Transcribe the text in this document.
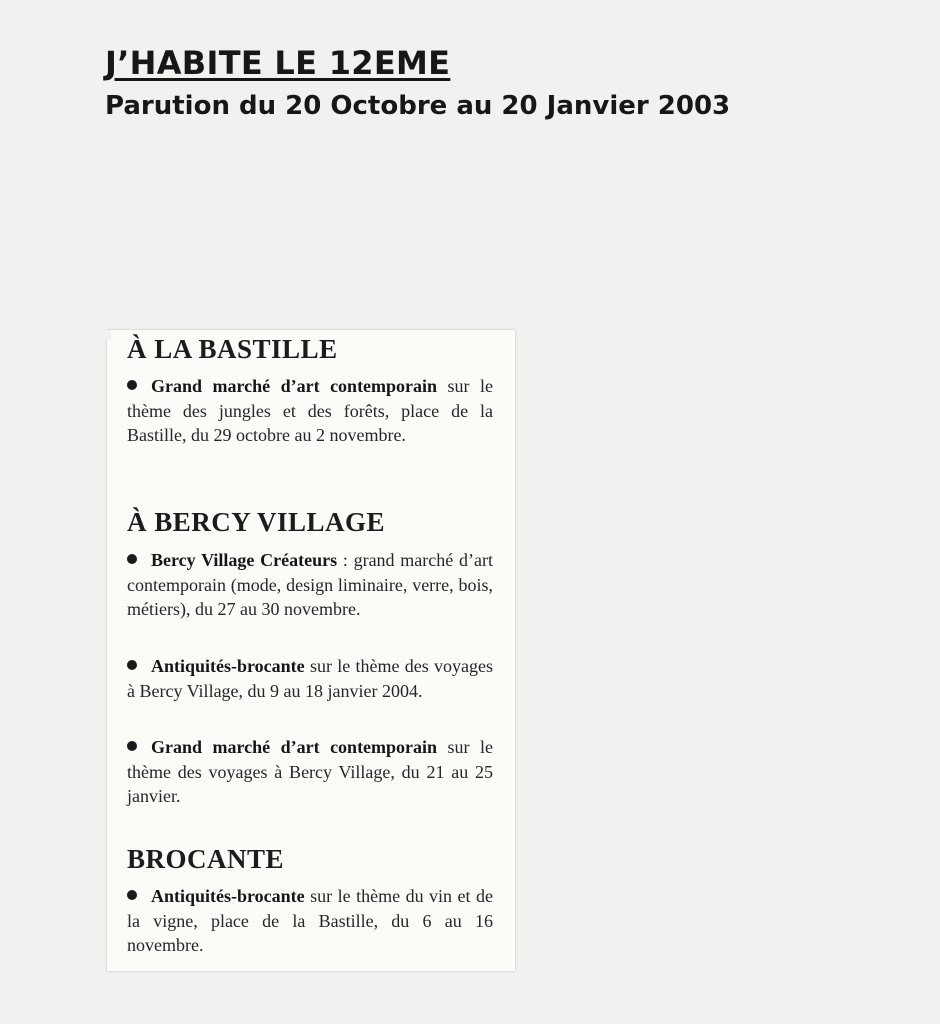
J’HABITE LE 12EME
Parution du 20 Octobre au 20 Janvier 2003
À LA BASTILLE
Grand marché d’art contemporain sur le thème des jungles et des forêts, place de la Bastille, du 29 octobre au 2 novembre.
À BERCY VILLAGE
Bercy Village Créateurs : grand marché d’art contemporain (mode, design liminaire, verre, bois, métiers), du 27 au 30 novembre.
Antiquités-brocante sur le thème des voyages à Bercy Village, du 9 au 18 janvier 2004.
Grand marché d’art contemporain sur le thème des voyages à Bercy Village, du 21 au 25 janvier.
BROCANTE
Antiquités-brocante sur le thème du vin et de la vigne, place de la Bastille, du 6 au 16 novembre.
